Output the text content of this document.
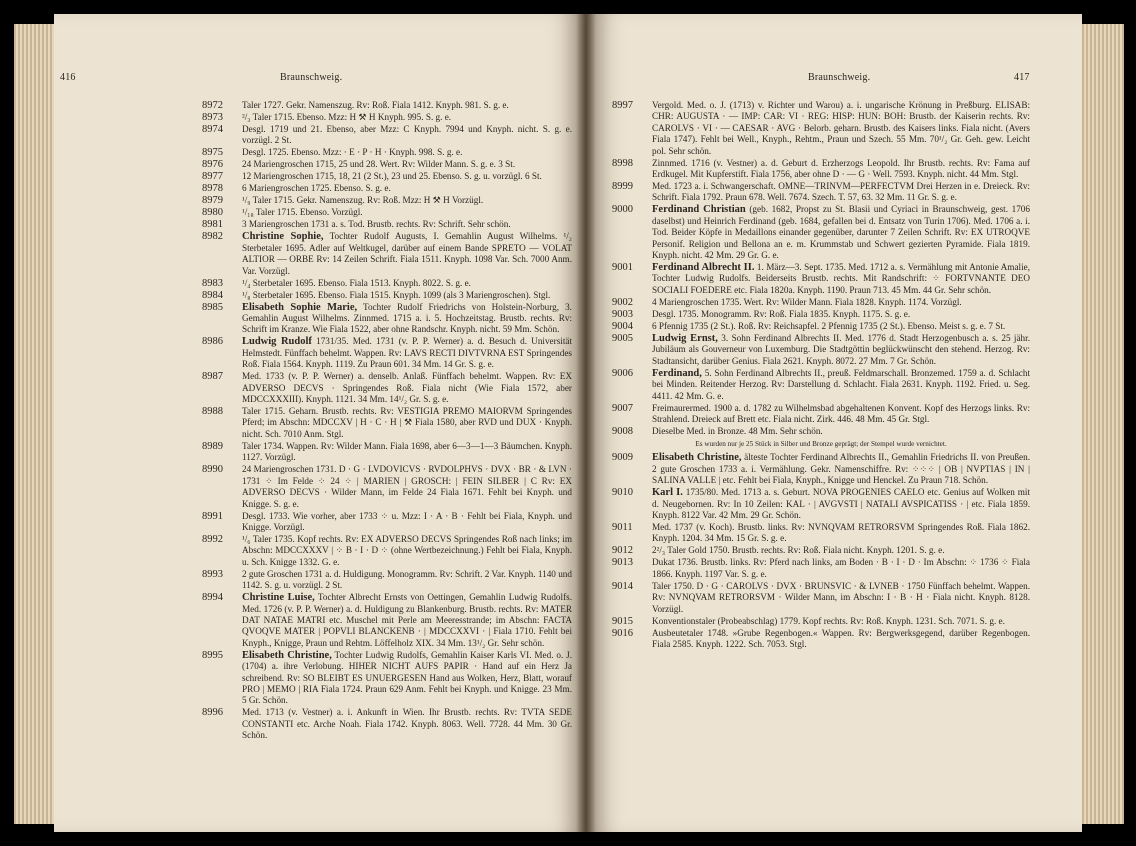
416	Braunschweig.
8972 Taler 1727. Gekr. Namenszug. Rv: Roß. Fiala 1412. Knyph. 981. S. g. e.
8973 ²/₃ Taler 1715. Ebenso. Mzz: H ⚒ H Knyph. 995. S. g. e.
8974 Desgl. 1719 und 21. Ebenso, aber Mzz: C Knyph. 7994 und Knyph. nicht. S. g. e. vorzügl. 2 St.
8975 Desgl. 1725. Ebenso. Mzz: · E · P · H · Knyph. 998. S. g. e.
8976 24 Mariengroschen 1715, 25 und 28. Wert. Rv: Wilder Mann. S. g. e. 3 St.
8977 12 Mariengroschen 1715, 18, 21 (2 St.), 23 und 25. Ebenso. S. g. u. vorzügl. 6 St.
8978 6 Mariengroschen 1725. Ebenso. S. g. e.
8979 ¹/₉ Taler 1715. Gekr. Namenszug. Rv: Roß. Mzz: H ⚒ H Vorzügl.
8980 ¹/₁₈ Taler 1715. Ebenso. Vorzügl.
8981 3 Mariengroschen 1731 a. s. Tod. Brustb. rechts. Rv: Schrift. Sehr schön.
8982 Christine Sophie, Tochter Rudolf Augusts, I. Gemahlin August Wilhelms. ¹/₂ Sterbetaler 1695. Adler auf Weltkugel, darüber auf einem Bande SPRETO — VOLAT ALTIOR — ORBE Rv: 14 Zeilen Schrift. Fiala 1511. Knyph. 1098 Var. Sch. 7000 Anm. Var. Vorzügl.
8983 ¹/₄ Sterbetaler 1695. Ebenso. Fiala 1513. Knyph. 8022. S. g. e.
8984 ¹/₈ Sterbetaler 1695. Ebenso. Fiala 1515. Knyph. 1099 (als 3 Mariengroschen). Stgl.
8985 Elisabeth Sophie Marie, Tochter Rudolf Friedrichs von Holstein-Norburg, 3. Gemahlin August Wilhelms. Zinnmed. 1715 a. i. 5. Hochzeitstag. Brustb. rechts. Rv: Schrift im Kranze. Wie Fiala 1522, aber ohne Randschr. Knyph. nicht. 59 Mm. Schön.
8986 Ludwig Rudolf 1731/35. Med. 1731 (v. P. P. Werner) a. d. Besuch d. Universität Helmstedt. Fünffach behelmt. Wappen. Rv: LAVS RECTI DIVTVRNA EST Springendes Roß. Fiala 1564. Knyph. 1119. Zu Praun 601. 34 Mm. 14 Gr. S. g. e.
8987 Med. 1733 (v. P. P. Werner) a. denselb. Anlaß. Fünffach behelmt. Wappen. Rv: EX ADVERSO DECVS · Springendes Roß. Fiala nicht (Wie Fiala 1572, aber MDCCXXXIII). Knyph. 1121. 34 Mm. 14¹/₂ Gr. S. g. e.
8988 Taler 1715. Geharn. Brustb. rechts. Rv: VESTIGIA PREMO MAIORVM Springendes Pferd; im Abschn: MDCCXV | H · C · H | ⚒ Fiala 1580, aber RVD und DUX · Knyph. nicht. Sch. 7010 Anm. Stgl.
8989 Taler 1734. Wappen. Rv: Wilder Mann. Fiala 1698, aber 6—3—1—3 Bäumchen. Knyph. 1127. Vorzügl.
8990 24 Mariengroschen 1731. D · G · LVDOVICVS · RVDOLPHVS · DVX · BR · & LVN · 1731 ⁘ Im Felde ⁘ 24 ⁘ | MARIEN | GROSCH: | FEIN SILBER | C Rv: EX ADVERSO DECVS · Wilder Mann, im Felde 24 Fiala 1671. Fehlt bei Knyph. und Knigge. S. g. e.
8991 Desgl. 1733. Wie vorher, aber 1733 ⁘ u. Mzz: I · A · B · Fehlt bei Fiala, Knyph. und Knigge. Vorzügl.
8992 ¹/₆ Taler 1735. Kopf rechts. Rv: EX ADVERSO DECVS Springendes Roß nach links; im Abschn: MDCCXXXV | ⁘ B · I · D ⁘ (ohne Wertbezeichnung.) Fehlt bei Fiala, Knyph. u. Sch. Knigge 1332. G. e.
8993 2 gute Groschen 1731 a. d. Huldigung. Monogramm. Rv: Schrift. 2 Var. Knyph. 1140 und 1142. S. g. u. vorzügl. 2 St.
8994 Christine Luise, Tochter Albrecht Ernsts von Oettingen, Gemahlin Ludwig Rudolfs. Med. 1726 (v. P. P. Werner) a. d. Huldigung zu Blankenburg. Brustb. rechts. Rv: MATER DAT NATAE MATRI etc. Muschel mit Perle am Meeresstrande; im Abschn: FACTA QVOQVE MATER | POPVLI BLANCKENB · | MDCCXXVI · | Fiala 1710. Fehlt bei Knyph., Knigge, Praun und Rehtm. Löffelholz XIX. 34 Mm. 13¹/₂ Gr. Sehr schön.
8995 Elisabeth Christine, Tochter Ludwig Rudolfs, Gemahlin Kaiser Karls VI. Med. o. J. (1704) a. ihre Verlobung. HIHER NICHT AUFS PAPIR · Hand auf ein Herz Ja schreibend. Rv: SO BLEIBT ES UNUERGESEN Hand aus Wolken, Herz, Blatt, worauf PRO | MEMO | RIA Fiala 1724. Praun 629 Anm. Fehlt bei Knyph. und Knigge. 23 Mm. 5 Gr. Schön.
8996 Med. 1713 (v. Vestner) a. i. Ankunft in Wien. Ihr Brustb. rechts. Rv: TVTA SEDE CONSTANTI etc. Arche Noah. Fiala 1742. Knyph. 8063. Well. 7728. 44 Mm. 30 Gr. Schön.
Braunschweig.	417
8997 Vergold. Med. o. J. (1713) v. Richter und Warou) a. i. ungarische Krönung in Preßburg. ELISAB: CHR: AUGUSTA · — IMP: CAR: VI · REG: HISP: HUN: BOH: Brustb. der Kaiserin rechts. Rv: CAROLVS · VI · — CAESAR · AVG · Belorb. geharn. Brustb. des Kaisers links. Fiala nicht. (Avers Fiala 1747). Fehlt bei Well., Knyph., Rehtm., Praun und Szech. 55 Mm. 70¹/₂ Gr. Geh. gew. Leicht pol. Sehr schön.
8998 Zinnmed. 1716 (v. Vestner) a. d. Geburt d. Erzherzogs Leopold. Ihr Brustb. rechts. Rv: Fama auf Erdkugel. Mit Kupferstift. Fiala 1756, aber ohne D · — G · Well. 7593. Knyph. nicht. 44 Mm. Stgl.
8999 Med. 1723 a. i. Schwangerschaft. OMNE—TRINVM—PERFECTVM Drei Herzen in e. Dreieck. Rv: Schrift. Fiala 1792. Praun 678. Well. 7674. Szech. T. 57, 63. 32 Mm. 11 Gr. S. g. e.
9000 Ferdinand Christian (geb. 1682, Propst zu St. Blasii und Cyriaci in Braunschweig, gest. 1706 daselbst) und Heinrich Ferdinand (geb. 1684, gefallen bei d. Entsatz von Turin 1706). Med. 1706 a. i. Tod. Beider Köpfe in Medaillons einander gegenüber, darunter 7 Zeilen Schrift. Rv: EX UTROQVE Personif. Religion und Bellona an e. m. Krummstab und Schwert gezierten Pyramide. Fiala 1819. Knyph. nicht. 42 Mm. 29 Gr. G. e.
9001 Ferdinand Albrecht II. 1. März—3. Sept. 1735. Med. 1712 a. s. Vermählung mit Antonie Amalie, Tochter Ludwig Rudolfs. Beiderseits Brustb. rechts. Mit Randschrift: ⁘ FORTVNANTE DEO SOCIALI FOEDERE etc. Fiala 1820a. Knyph. 1190. Praun 713. 45 Mm. 44 Gr. Sehr schön.
9002 4 Mariengroschen 1735. Wert. Rv: Wilder Mann. Fiala 1828. Knyph. 1174. Vorzügl.
9003 Desgl. 1735. Monogramm. Rv: Roß. Fiala 1835. Knyph. 1175. S. g. e.
9004 6 Pfennig 1735 (2 St.). Roß. Rv: Reichsapfel. 2 Pfennig 1735 (2 St.). Ebenso. Meist s. g. e. 7 St.
9005 Ludwig Ernst, 3. Sohn Ferdinand Albrechts II. Med. 1776 d. Stadt Herzogenbusch a. s. 25 jähr. Jubiläum als Gouverneur von Luxemburg. Die Stadtgöttin beglückwünscht den stehend. Herzog. Rv: Stadtansicht, darüber Genius. Fiala 2621. Knyph. 8072. 27 Mm. 7 Gr. Schön.
9006 Ferdinand, 5. Sohn Ferdinand Albrechts II., preuß. Feldmarschall. Bronzemed. 1759 a. d. Schlacht bei Minden. Reitender Herzog. Rv: Darstellung d. Schlacht. Fiala 2631. Knyph. 1192. Fried. u. Seg. 4411. 42 Mm. G. e.
9007 Freimaurermed. 1900 a. d. 1782 zu Wilhelmsbad abgehaltenen Konvent. Kopf des Herzogs links. Rv: Strahlend. Dreieck auf Brett etc. Fiala nicht. Zirk. 446. 48 Mm. 45 Gr. Stgl.
9008 Dieselbe Med. in Bronze. 48 Mm. Sehr schön.
Es wurden nur je 25 Stück in Silber und Bronze geprägt; der Stempel wurde vernichtet.
9009 Elisabeth Christine, älteste Tochter Ferdinand Albrechts II., Gemahlin Friedrichs II. von Preußen. 2 gute Groschen 1733 a. i. Vermählung. Gekr. Namenschiffre. Rv: ⁘⁘⁘ | OB | NVPTIAS | IN | SALINA VALLE | etc. Fehlt bei Fiala, Knyph., Knigge und Henckel. Zu Praun 718. Schön.
9010 Karl I. 1735/80. Med. 1713 a. s. Geburt. NOVA PROGENIES CAELO etc. Genius auf Wolken mit d. Neugebornen. Rv: In 10 Zeilen: KAL · | AVGVSTI | NATALI AVSPICATISS · | etc. Fiala 1859. Knyph. 8122 Var. 42 Mm. 29 Gr. Schön.
9011 Med. 1737 (v. Koch). Brustb. links. Rv: NVNQVAM RETRORSVM Springendes Roß. Fiala 1862. Knyph. 1204. 34 Mm. 15 Gr. S. g. e.
9012 2²/₃ Taler Gold 1750. Brustb. rechts. Rv: Roß. Fiala nicht. Knyph. 1201. S. g. e.
9013 Dukat 1736. Brustb. links. Rv: Pferd nach links, am Boden · B · I · D · Im Abschn: ⁘ 1736 ⁘ Fiala 1866. Knyph. 1197 Var. S. g. e.
9014 Taler 1750. D · G · CAROLVS · DVX · BRUNSVIC · & LVNEB · 1750 Fünffach behelmt. Wappen. Rv: NVNQVAM RETRORSVM · Wilder Mann, im Abschn: I · B · H · Fiala nicht. Knyph. 8128. Vorzügl.
9015 Konventionstaler (Probeabschlag) 1779. Kopf rechts. Rv: Roß. Knyph. 1231. Sch. 7071. S. g. e.
9016 Ausbeutetaler 1748. »Grube Regenbogen.« Wappen. Rv: Bergwerksgegend, darüber Regenbogen. Fiala 2585. Knyph. 1222. Sch. 7053. Stgl.
